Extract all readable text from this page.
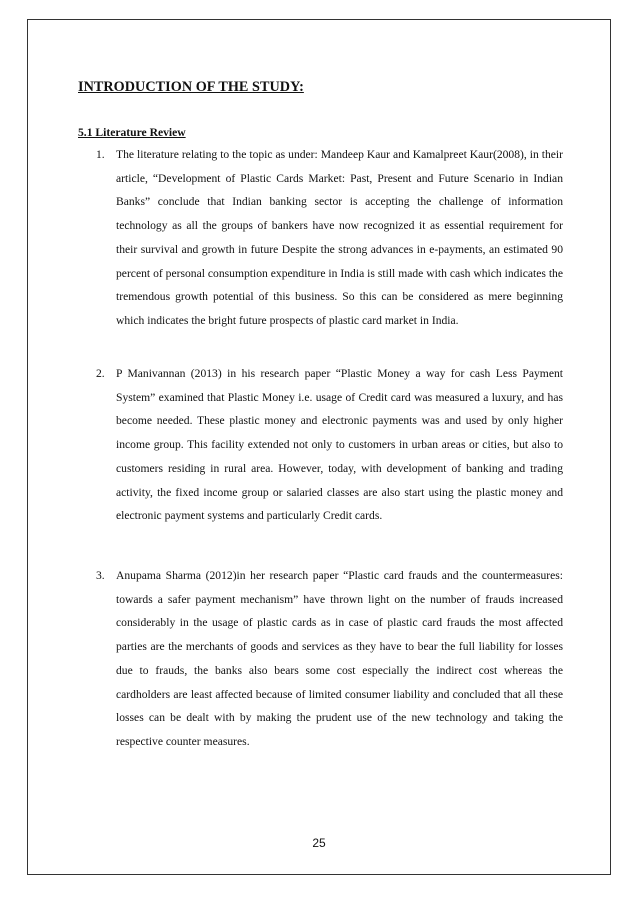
INTRODUCTION OF THE STUDY:
5.1 Literature Review
1. The literature relating to the topic as under: Mandeep Kaur and Kamalpreet Kaur(2008), in their article, “Development of Plastic Cards Market: Past, Present and Future Scenario in Indian Banks” conclude that Indian banking sector is accepting the challenge of information technology as all the groups of bankers have now recognized it as essential requirement for their survival and growth in future Despite the strong advances in e-payments, an estimated 90 percent of personal consumption expenditure in India is still made with cash which indicates the tremendous growth potential of this business. So this can be considered as mere beginning which indicates the bright future prospects of plastic card market in India.
2. P Manivannan (2013) in his research paper “Plastic Money a way for cash Less Payment System” examined that Plastic Money i.e. usage of Credit card was measured a luxury, and has become needed. These plastic money and electronic payments was and used by only higher income group. This facility extended not only to customers in urban areas or cities, but also to customers residing in rural area. However, today, with development of banking and trading activity, the fixed income group or salaried classes are also start using the plastic money and electronic payment systems and particularly Credit cards.
3. Anupama Sharma (2012)in her research paper “Plastic card frauds and the countermeasures: towards a safer payment mechanism” have thrown light on the number of frauds increased considerably in the usage of plastic cards as in case of plastic card frauds the most affected parties are the merchants of goods and services as they have to bear the full liability for losses due to frauds, the banks also bears some cost especially the indirect cost whereas the cardholders are least affected because of limited consumer liability and concluded that all these losses can be dealt with by making the prudent use of the new technology and taking the respective counter measures.
25
